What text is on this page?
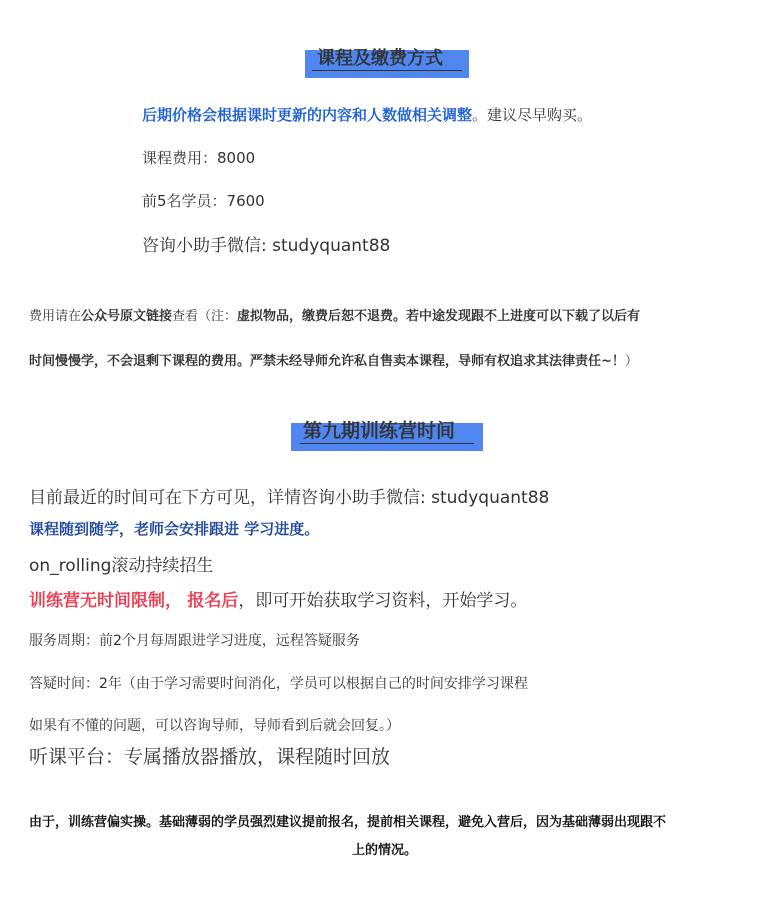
课程及缴费方式
后期价格会根据课时更新的内容和人数做相关调整。建议尽早购买。
课程费用：8000
前5名学员：7600
咨询小助手微信: studyquant88
费用请在公众号原文链接查看（注：虚拟物品，缴费后恕不退费。若中途发现跟不上进度可以下载了以后有
时间慢慢学，不会退剩下课程的费用。严禁未经导师允许私自售卖本课程，导师有权追求其法律责任~！）
第九期训练营时间
目前最近的时间可在下方可见，详情咨询小助手微信: studyquant88
课程随到随学，老师会安排跟进 学习进度。
on_rolling滚动持续招生
训练营无时间限制， 报名后，即可开始获取学习资料，开始学习。
服务周期：前2个月每周跟进学习进度，远程答疑服务
答疑时间：2年（由于学习需要时间消化，学员可以根据自己的时间安排学习课程
如果有不懂的问题，可以咨询导师，导师看到后就会回复。）
听课平台：专属播放器播放，课程随时回放
由于，训练营偏实操。基础薄弱的学员强烈建议提前报名，提前相关课程，避免入营后，因为基础薄弱出现跟不
上的情况。
